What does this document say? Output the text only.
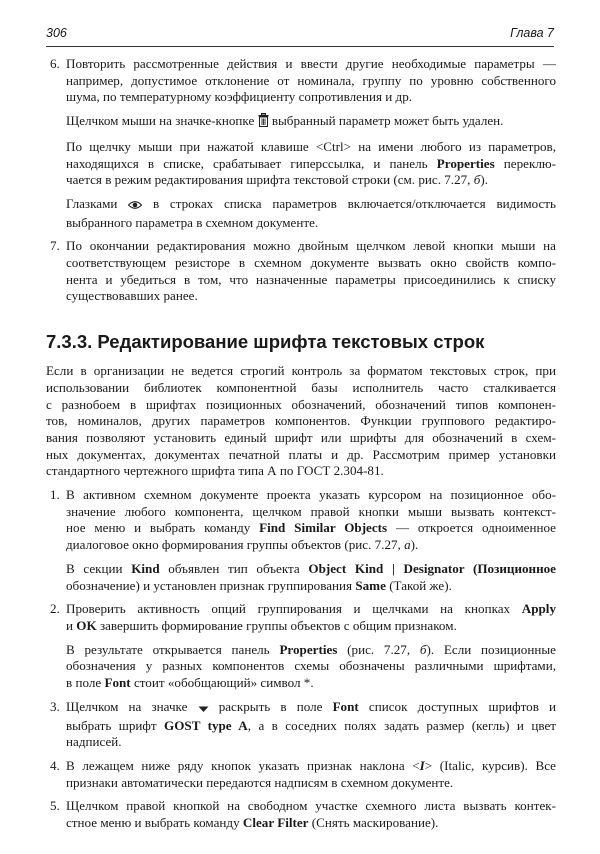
306	Глава 7
6. Повторить рассмотренные действия и ввести другие необходимые параметры —
например, допустимое отклонение от номинала, группу по уровню собственного
шума, по температурному коэффициенту сопротивления и др.
Щелчком мыши на значке-кнопке выбранный параметр может быть удален.
По щелчку мыши при нажатой клавише <Ctrl> на имени любого из параметров,
находящихся в списке, срабатывает гиперссылка, и панель Properties переклю-
чается в режим редактирования шрифта текстовой строки (см. рис. 7.27, б).
Глазками	в строках списка параметров включается/отключается видимость
выбранного параметра в схемном документе.
7. По окончании редактирования можно двойным щелчком левой кнопки мыши на
соответствующем резисторе в схемном документе вызвать окно свойств компо-
нента и убедиться в том, что назначенные параметры присоединились к списку
существовавших ранее.
7.3.3. Редактирование шрифта текстовых строк
Если в организации не ведется строгий контроль за форматом текстовых строк, при
использовании библиотек компонентной базы исполнитель часто сталкивается
с разнобоем в шрифтах позиционных обозначений, обозначений типов компонен-
тов, номиналов, других параметров компонентов. Функции группового редактиро-
вания позволяют установить единый шрифт или шрифты для обозначений в схем-
ных документах, документах печатной платы и др. Рассмотрим пример установки
стандартного чертежного шрифта типа А по ГОСТ 2.304-81.
1. В активном схемном документе проекта указать курсором на позиционное обо-
значение любого компонента, щелчком правой кнопки мыши вызвать контекст-
ное меню и выбрать команду Find Similar Objects — откроется одноименное
диалоговое окно формирования группы объектов (рис. 7.27, а).
В секции Kind объявлен тип объекта Object Kind | Designator (Позиционное
обозначение) и установлен признак группирования Same (Такой же).
2. Проверить активность опций группирования и щелчками на кнопках Apply
и OK завершить формирование группы объектов с общим признаком.
В результате открывается панель Properties (рис. 7.27, б). Если позиционные
обозначения у разных компонентов схемы обозначены различными шрифтами,
в поле Font стоит «обобщающий» символ *.
3. Щелчком на значке раскрыть в поле Font список доступных шрифтов и
выбрать шрифт GOST type A, а в соседних полях задать размер (кегль) и цвет
надписей.
4. В лежащем ниже ряду кнопок указать признак наклона <I> (Italic, курсив). Все
признаки автоматически передаются надписям в схемном документе.
5. Щелчком правой кнопкой на свободном участке схемного листа вызвать контек-
стное меню и выбрать команду Clear Filter (Снять маскирование).
